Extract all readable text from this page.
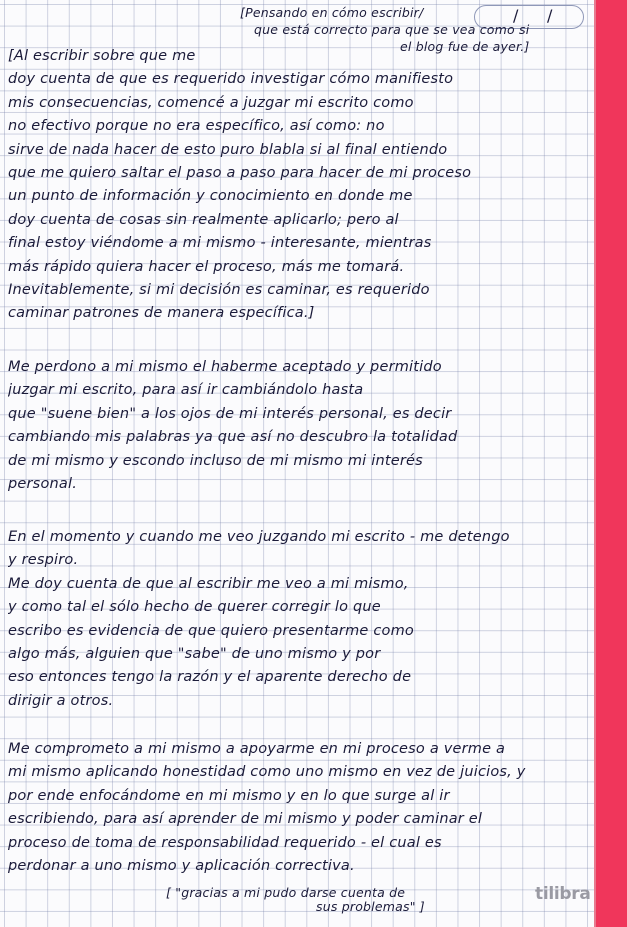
/ /
[Pensando en cómo escribir/
que está correcto para que se vea como si
el blog fue de ayer.]
[Al escribir sobre que me
doy cuenta de que es requerido investigar cómo manifiesto
mis consecuencias, comencé a juzgar mi escrito como
no efectivo porque no era específico, así como: no
sirve de nada hacer de esto puro blabla si al final entiendo
que me quiero saltar el paso a paso para hacer de mi proceso
un punto de información y conocimiento en donde me
doy cuenta de cosas sin realmente aplicarlo; pero al
final estoy viéndome a mi mismo - interesante, mientras
más rápido quiera hacer el proceso, más me tomará.
Inevitablemente, si mi decisión es caminar, es requerido
caminar patrones de manera específica.]
Me perdono a mi mismo el haberme aceptado y permitido
juzgar mi escrito, para así ir cambiándolo hasta
que "suene bien" a los ojos de mi interés personal, es decir
cambiando mis palabras ya que así no descubro la totalidad
de mi mismo y escondo incluso de mi mismo mi interés
personal.
En el momento y cuando me veo juzgando mi escrito - me detengo
y respiro.
Me doy cuenta de que al escribir me veo a mi mismo,
y como tal el sólo hecho de querer corregir lo que
escribo es evidencia de que quiero presentarme como
algo más, alguien que "sabe" de uno mismo y por
eso entonces tengo la razón y el aparente derecho de
dirigir a otros.
Me comprometo a mi mismo a apoyarme en mi proceso a verme a
mi mismo aplicando honestidad como uno mismo en vez de juicios, y
por ende enfocándome en mi mismo y en lo que surge al ir
escribiendo, para así aprender de mi mismo y poder caminar el
proceso de toma de responsabilidad requerido - el cual es
perdonar a uno mismo y aplicación correctiva.
[ "gracias a mi pudo darse cuenta de
sus problemas" ]
tilibra
